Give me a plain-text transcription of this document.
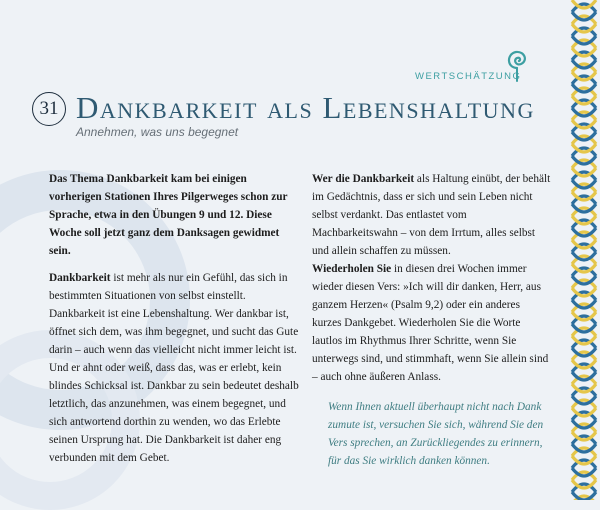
WERTSCHÄTZUNG
31 Dankbarkeit als Lebenshaltung
Annehmen, was uns begegnet

Das Thema Dankbarkeit kam bei einigen vorherigen Stationen Ihres Pilgerweges schon zur Sprache, etwa in den Übungen 9 und 12. Diese Woche soll jetzt ganz dem Danksagen gewidmet sein.

Dankbarkeit ist mehr als nur ein Gefühl, das sich in bestimmten Situationen von selbst einstellt. Dankbarkeit ist eine Lebenshaltung. Wer dankbar ist, öffnet sich dem, was ihm begegnet, und sucht das Gute darin – auch wenn das vielleicht nicht immer leicht ist. Und er ahnt oder weiß, dass das, was er erlebt, kein blindes Schicksal ist. Dankbar zu sein bedeutet deshalb letztlich, das anzunehmen, was einem begegnet, und sich antwortend dorthin zu wenden, wo das Erlebte seinen Ursprung hat. Die Dankbarkeit ist daher eng verbunden mit dem Gebet.

Wer die Dankbarkeit als Haltung einübt, der behält im Gedächtnis, dass er sich und sein Leben nicht selbst verdankt. Das entlastet vom Machbarkeitswahn – von dem Irrtum, alles selbst und allein schaffen zu müssen.

Wiederholen Sie in diesen drei Wochen immer wieder diesen Vers: »Ich will dir danken, Herr, aus ganzem Herzen« (Psalm 9,2) oder ein anderes kurzes Dankgebet. Wiederholen Sie die Worte lautlos im Rhythmus Ihrer Schritte, wenn Sie unterwegs sind, und stimmhaft, wenn Sie allein sind – auch ohne äußeren Anlass.

Wenn Ihnen aktuell überhaupt nicht nach Dank zumute ist, versuchen Sie sich, während Sie den Vers sprechen, an Zurückliegendes zu erinnern, für das Sie wirklich danken können.
